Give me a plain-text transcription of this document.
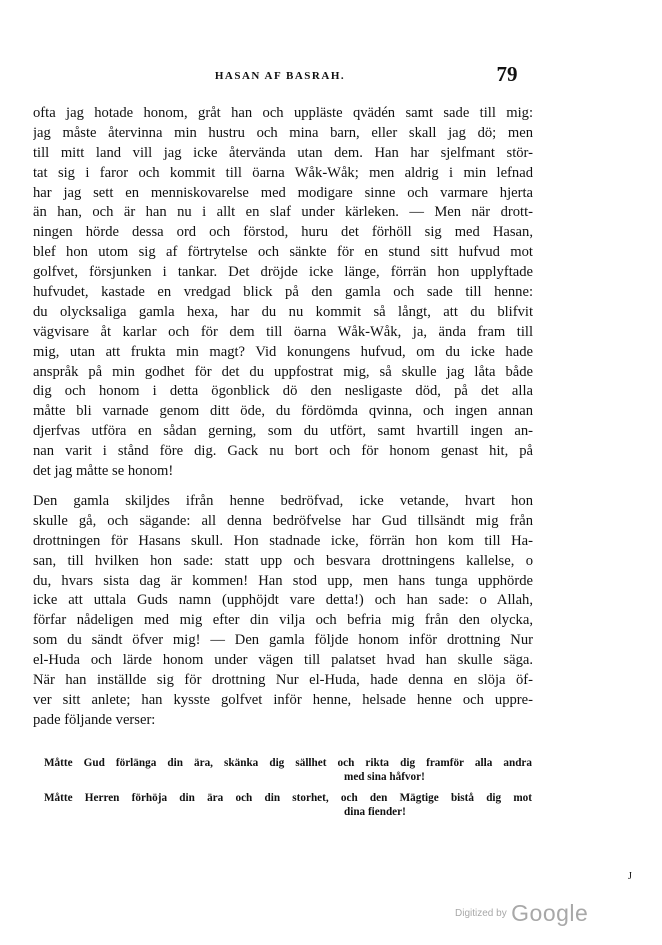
HASAN AF BASRAH.	79
ofta jag hotade honom, gråt han och uppläste qvädén samt sade till mig:
jag måste återvinna min hustru och mina barn, eller skall jag dö; men
till mitt land vill jag icke återvända utan dem. Han har sjelfmant stör-
tat sig i faror och kommit till öarna Wåk-Wåk; men aldrig i min lefnad
har jag sett en menniskovarelse med modigare sinne och varmare hjerta
än han, och är han nu i allt en slaf under kärleken. — Men när drott-
ningen hörde dessa ord och förstod, huru det förhöll sig med Hasan,
blef hon utom sig af förtrytelse och sänkte för en stund sitt hufvud mot
golfvet, försjunken i tankar. Det dröjde icke länge, förrän hon upplyftade
hufvudet, kastade en vredgad blick på den gamla och sade till henne:
du olycksaliga gamla hexa, har du nu kommit så långt, att du blifvit
vägvisare åt karlar och för dem till öarna Wåk-Wåk, ja, ända fram till
mig, utan att frukta min magt? Vid konungens hufvud, om du icke hade
anspråk på min godhet för det du uppfostrat mig, så skulle jag låta både
dig och honom i detta ögonblick dö den nesligaste död, på det alla
måtte bli varnade genom ditt öde, du fördömda qvinna, och ingen annan
djerfvas utföra en sådan gerning, som du utfört, samt hvartill ingen an-
nan varit i stånd före dig. Gack nu bort och för honom genast hit, på
det jag måtte se honom!
Den gamla skiljdes ifrån henne bedröfvad, icke vetande, hvart hon
skulle gå, och sägande: all denna bedröfvelse har Gud tillsändt mig från
drottningen för Hasans skull. Hon stadnade icke, förrän hon kom till Ha-
san, till hvilken hon sade: statt upp och besvara drottningens kallelse, o
du, hvars sista dag är kommen! Han stod upp, men hans tunga upphörde
icke att uttala Guds namn (upphöjdt vare detta!) och han sade: o Allah,
förfar nådeligen med mig efter din vilja och befria mig från den olycka,
som du sändt öfver mig! — Den gamla följde honom inför drottning Nur
el-Huda och lärde honom under vägen till palatset hvad han skulle säga.
När han inställde sig för drottning Nur el-Huda, hade denna en slöja öf-
ver sitt anlete; han kysste golfvet inför henne, helsade henne och uppre-
pade följande verser:
Måtte Gud förlänga din ära, skänka dig sällhet och rikta dig framför alla andra
med sina håfvor!
Måtte Herren förhöja din ära och din storhet, och den Mägtige bistå dig mot
dina fiender!
J
Digitized by Google
